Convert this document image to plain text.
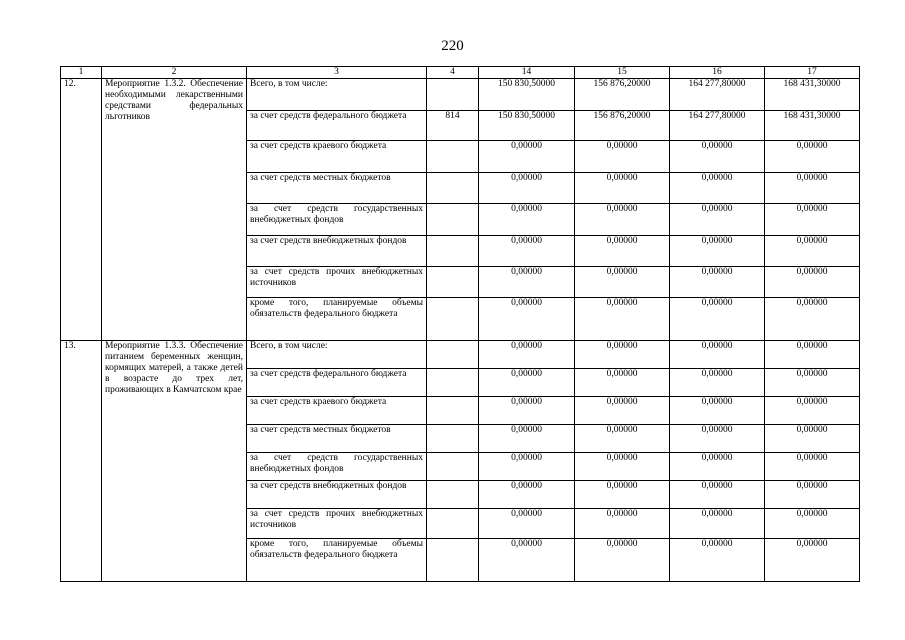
220
1	2	3	4	14	15	16	17
12.	Мероприятие 1.3.2. Обеспечение необходимыми лекарственными средствами федеральных льготников	Всего, в том числе:		150 830,50000	156 876,20000	164 277,80000	168 431,30000
		за счет средств федерального бюджета	814	150 830,50000	156 876,20000	164 277,80000	168 431,30000
		за счет средств краевого бюджета		0,00000	0,00000	0,00000	0,00000
		за счет средств местных бюджетов		0,00000	0,00000	0,00000	0,00000
		за счет средств государственных внебюджетных фондов		0,00000	0,00000	0,00000	0,00000
		за счет средств внебюджетных фондов		0,00000	0,00000	0,00000	0,00000
		за счет средств прочих внебюджетных источников		0,00000	0,00000	0,00000	0,00000
		кроме того, планируемые объемы обязательств федерального бюджета		0,00000	0,00000	0,00000	0,00000
13.	Мероприятие 1.3.3. Обеспечение питанием беременных женщин, кормящих матерей, а также детей в возрасте до трех лет, проживающих в Камчатском крае	Всего, в том числе:		0,00000	0,00000	0,00000	0,00000
		за счет средств федерального бюджета		0,00000	0,00000	0,00000	0,00000
		за счет средств краевого бюджета		0,00000	0,00000	0,00000	0,00000
		за счет средств местных бюджетов		0,00000	0,00000	0,00000	0,00000
		за счет средств государственных внебюджетных фондов		0,00000	0,00000	0,00000	0,00000
		за счет средств внебюджетных фондов		0,00000	0,00000	0,00000	0,00000
		за счет средств прочих внебюджетных источников		0,00000	0,00000	0,00000	0,00000
		кроме того, планируемые объемы обязательств федерального бюджета		0,00000	0,00000	0,00000	0,00000
